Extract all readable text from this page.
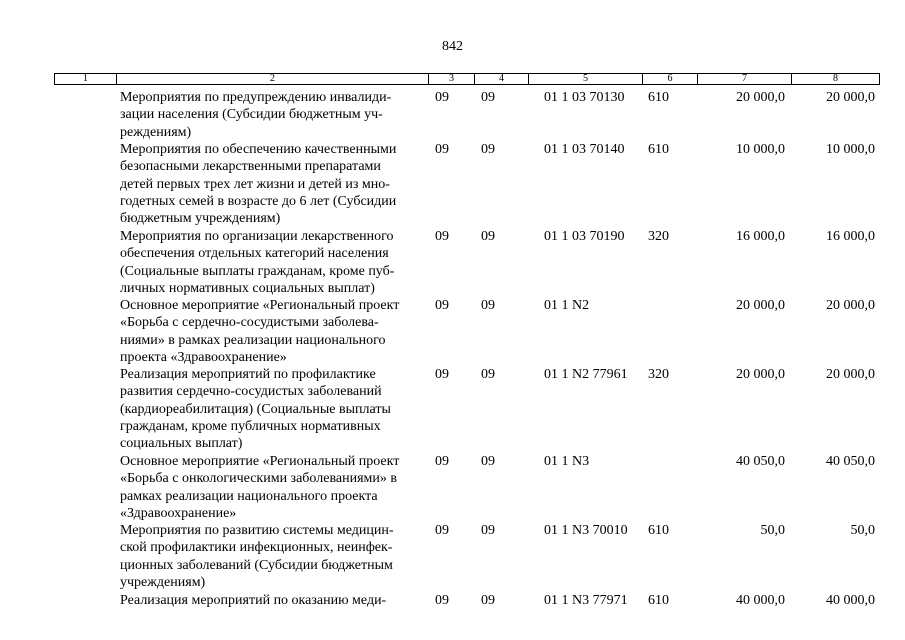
842
1	2	3	4	5	6	7	8
Мероприятия по предупреждению инвалиди-
зации населения (Субсидии бюджетным уч-
реждениям)
09 09	01 1 03 70130 610	20 000,0	20 000,0
Мероприятия по обеспечению качественными
безопасными лекарственными препаратами
детей первых трех лет жизни и детей из мно-
годетных семей в возрасте до 6 лет (Субсидии
бюджетным учреждениям)
09 09	01 1 03 70140 610	10 000,0	10 000,0
Мероприятия по организации лекарственного
обеспечения отдельных категорий населения
(Социальные выплаты гражданам, кроме пуб-
личных нормативных социальных выплат)
09 09	01 1 03 70190 320	16 000,0	16 000,0
Основное мероприятие «Региональный проект
«Борьба с сердечно-сосудистыми заболева-
ниями» в рамках реализации национального
проекта «Здравоохранение»
09 09	01 1 N2	20 000,0	20 000,0
Реализация мероприятий по профилактике
развития сердечно-сосудистых заболеваний
(кардиореабилитация) (Социальные выплаты
гражданам, кроме публичных нормативных
социальных выплат)
09 09	01 1 N2 77961 320	20 000,0	20 000,0
Основное мероприятие «Региональный проект
«Борьба с онкологическими заболеваниями» в
рамках реализации национального проекта
«Здравоохранение»
09 09	01 1 N3	40 050,0	40 050,0
Мероприятия по развитию системы медицин-
ской профилактики инфекционных, неинфек-
ционных заболеваний (Субсидии бюджетным
учреждениям)
09 09	01 1 N3 70010 610	50,0	50,0
Реализация мероприятий по оказанию меди-	09 09	01 1 N3 77971 610	40 000,0	40 000,0
